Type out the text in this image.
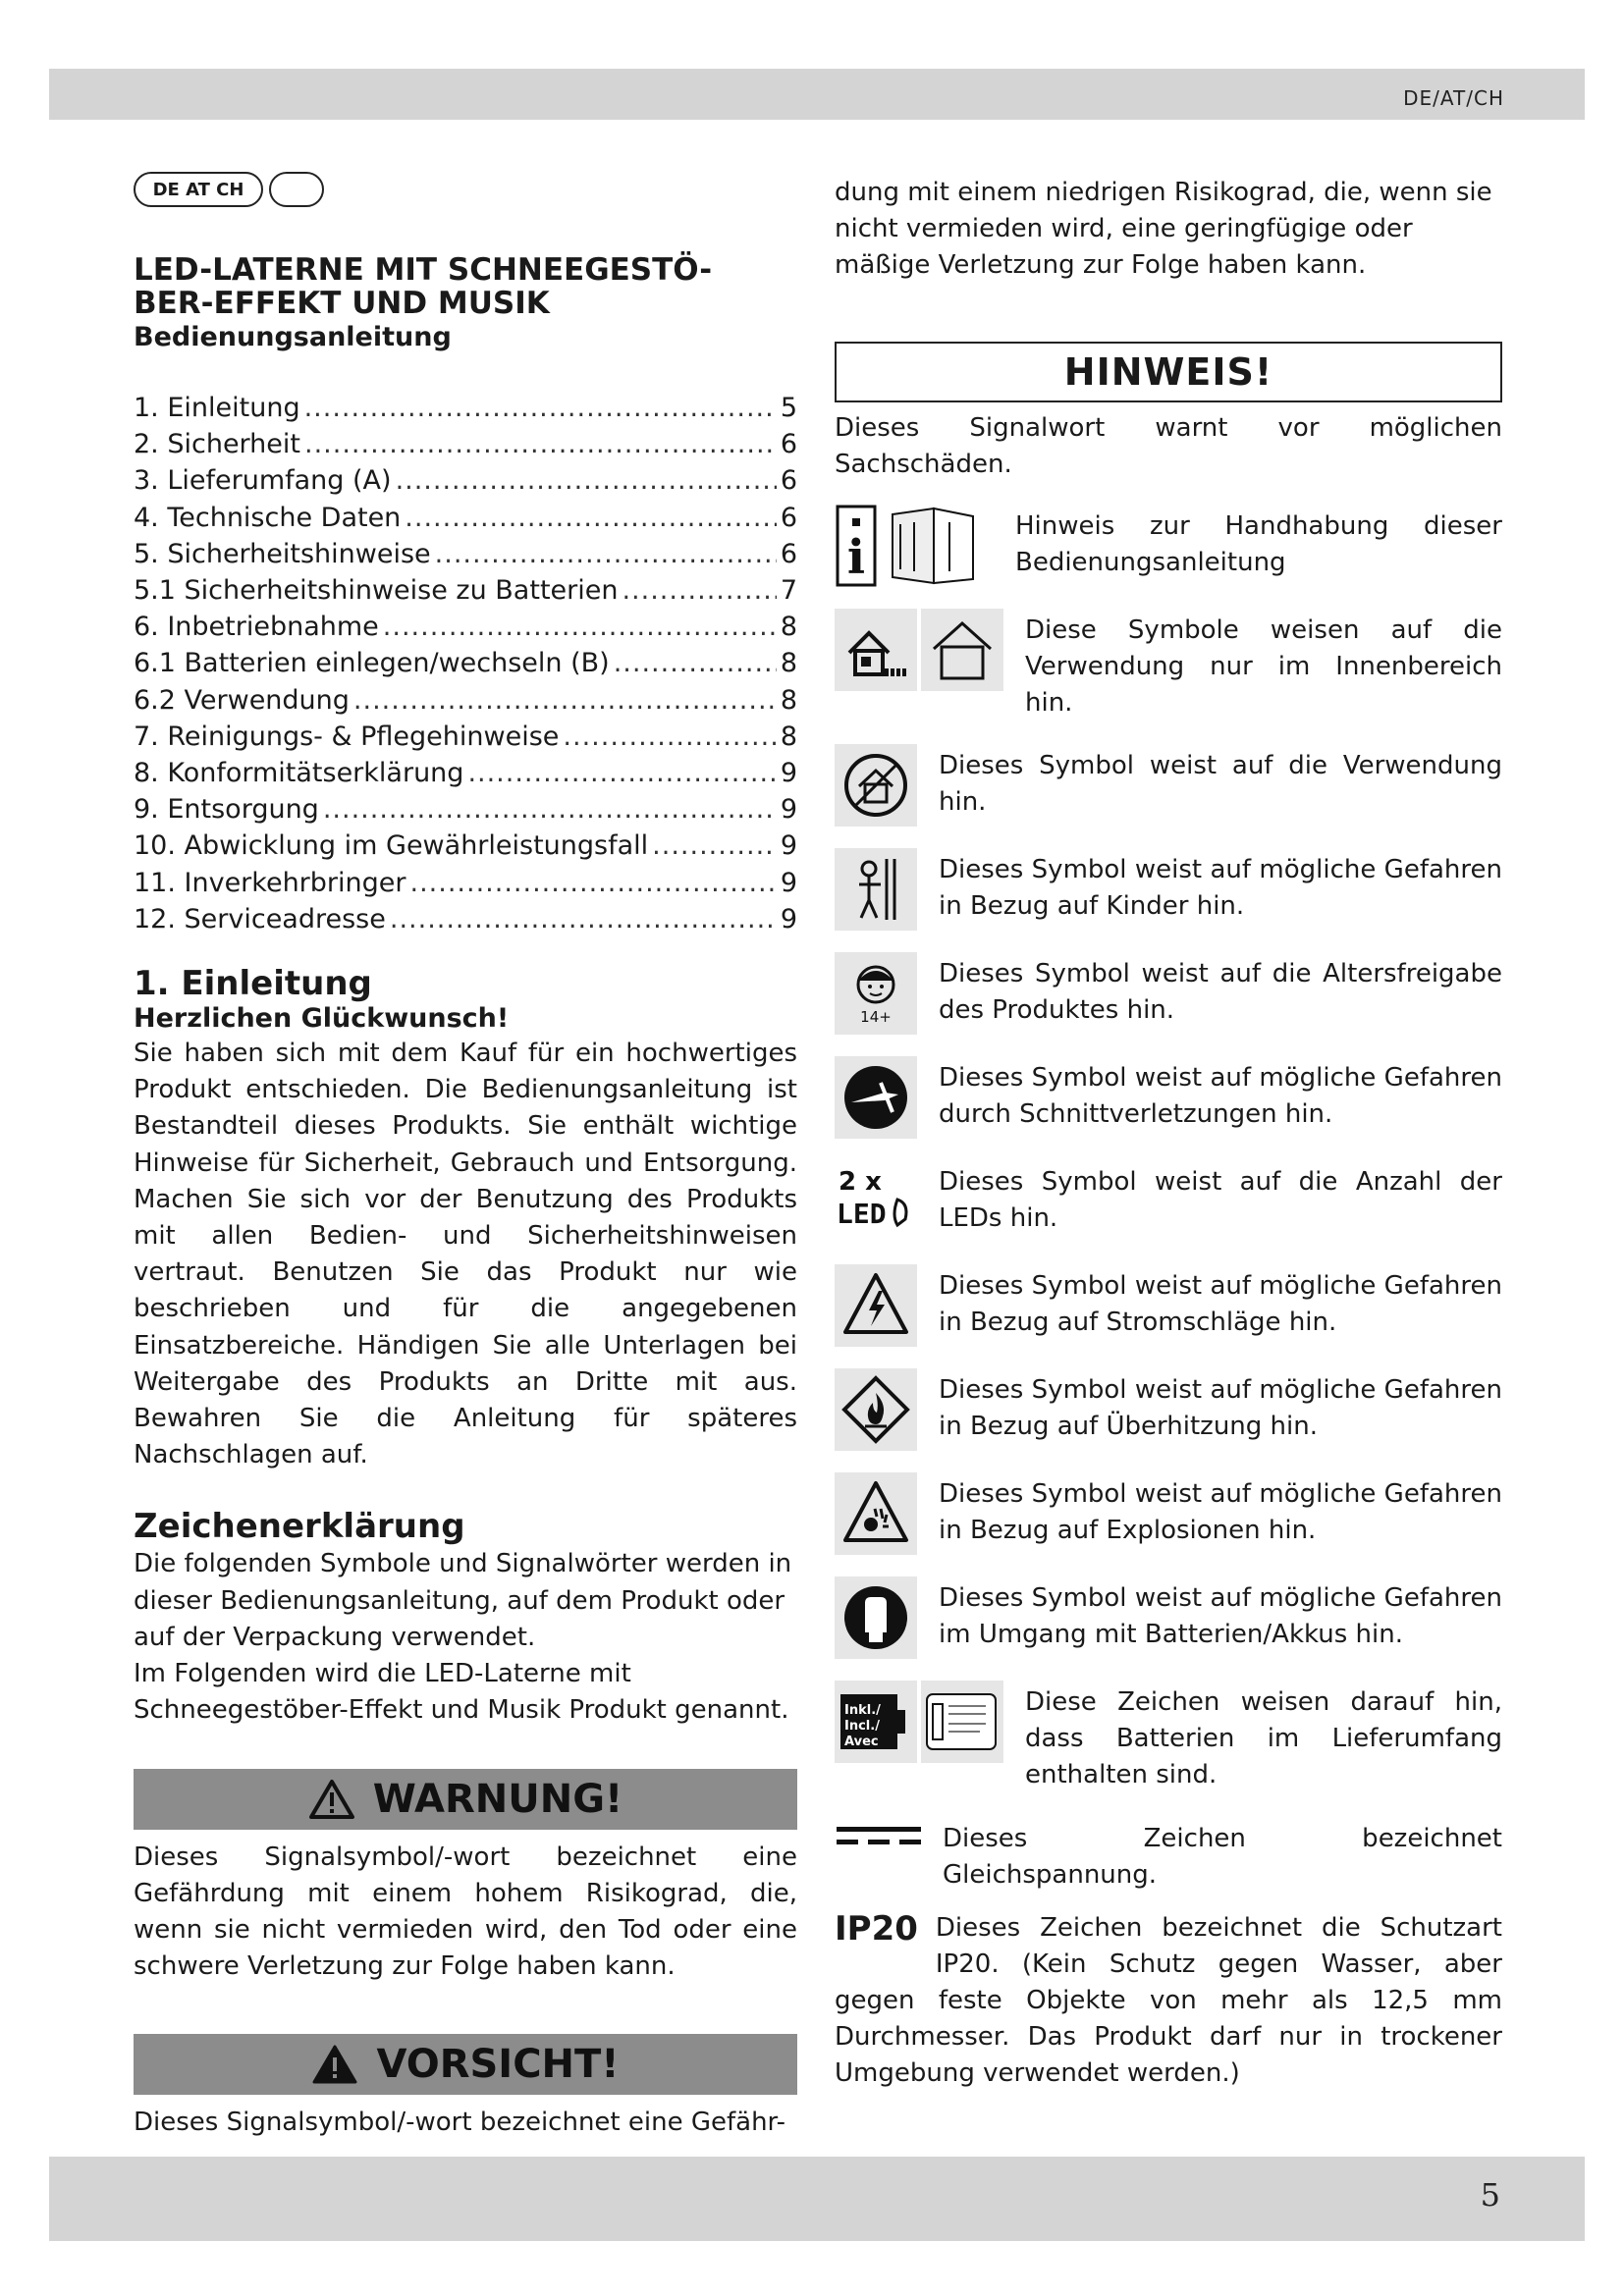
DE/AT/CH
DE AT CH
LED-LATERNE MIT SCHNEEGESTÖ-
BER-EFFEKT UND MUSIK
Bedienungsanleitung
1. Einleitung .....	5
2. Sicherheit .....	6
3. Lieferumfang (A) .....	6
4. Technische Daten .....	6
5. Sicherheitshinweise .....	6
5.1 Sicherheitshinweise zu Batterien .....	7
6. Inbetriebnahme .....	8
6.1 Batterien einlegen/wechseln (B) .....	8
6.2 Verwendung .....	8
7. Reinigungs- & Pflegehinweise .....	8
8. Konformitätserklärung .....	9
9. Entsorgung .....	9
10. Abwicklung im Gewährleistungsfall .....	9
11. Inverkehrbringer .....	9
12. Serviceadresse .....	9
1. Einleitung
Herzlichen Glückwunsch!
Sie haben sich mit dem Kauf für ein hochwertiges Produkt entschieden. Die Bedienungsanleitung ist Bestandteil dieses Produkts. Sie enthält wichtige Hinweise für Sicherheit, Gebrauch und Entsorgung. Machen Sie sich vor der Benutzung des Produkts mit allen Bedien- und Sicherheitshinweisen vertraut. Benutzen Sie das Produkt nur wie beschrieben und für die angegebenen Einsatzbereiche. Händigen Sie alle Unterlagen bei Weitergabe des Produkts an Dritte mit aus. Bewahren Sie die Anleitung für späteres Nachschlagen auf.
Zeichenerklärung
Die folgenden Symbole und Signalwörter werden in dieser Bedienungsanleitung, auf dem Produkt oder auf der Verpackung verwendet.
Im Folgenden wird die LED-Laterne mit Schneegestöber-Effekt und Musik Produkt genannt.
WARNUNG!
Dieses Signalsymbol/-wort bezeichnet eine Gefährdung mit einem hohem Risikograd, die, wenn sie nicht vermieden wird, den Tod oder eine schwere Verletzung zur Folge haben kann.
VORSICHT!
Dieses Signalsymbol/-wort bezeichnet eine Gefähr-
dung mit einem niedrigen Risikograd, die, wenn sie nicht vermieden wird, eine geringfügige oder mäßige Verletzung zur Folge haben kann.
HINWEIS!
Dieses Signalwort warnt vor möglichen Sachschäden.
i
Hinweis zur Handhabung dieser Bedienungsanleitung
Diese Symbole weisen auf die Verwendung nur im Innenbereich hin.
Dieses Symbol weist auf die Verwendung hin.
Dieses Symbol weist auf mögliche Gefahren in Bezug auf Kinder hin.
14+
Dieses Symbol weist auf die Altersfreigabe des Produktes hin.
Dieses Symbol weist auf mögliche Gefahren durch Schnittverletzungen hin.
2 x
LED
Dieses Symbol weist auf die Anzahl der LEDs hin.
Dieses Symbol weist auf mögliche Gefahren in Bezug auf Stromschläge hin.
Dieses Symbol weist auf mögliche Gefahren in Bezug auf Überhitzung hin.
Dieses Symbol weist auf mögliche Gefahren in Bezug auf Explosionen hin.
Dieses Symbol weist auf mögliche Gefahren im Umgang mit Batterien/Akkus hin.
Inkl./
Incl./
Avec
Diese Zeichen weisen darauf hin, dass Batterien im Lieferumfang enthalten sind.
Dieses Zeichen bezeichnet Gleichspannung.
IP20 Dieses Zeichen bezeichnet die Schutzart IP20. (Kein Schutz gegen Wasser, aber gegen feste Objekte von mehr als 12,5 mm Durchmesser. Das Produkt darf nur in trockener Umgebung verwendet werden.)
5
